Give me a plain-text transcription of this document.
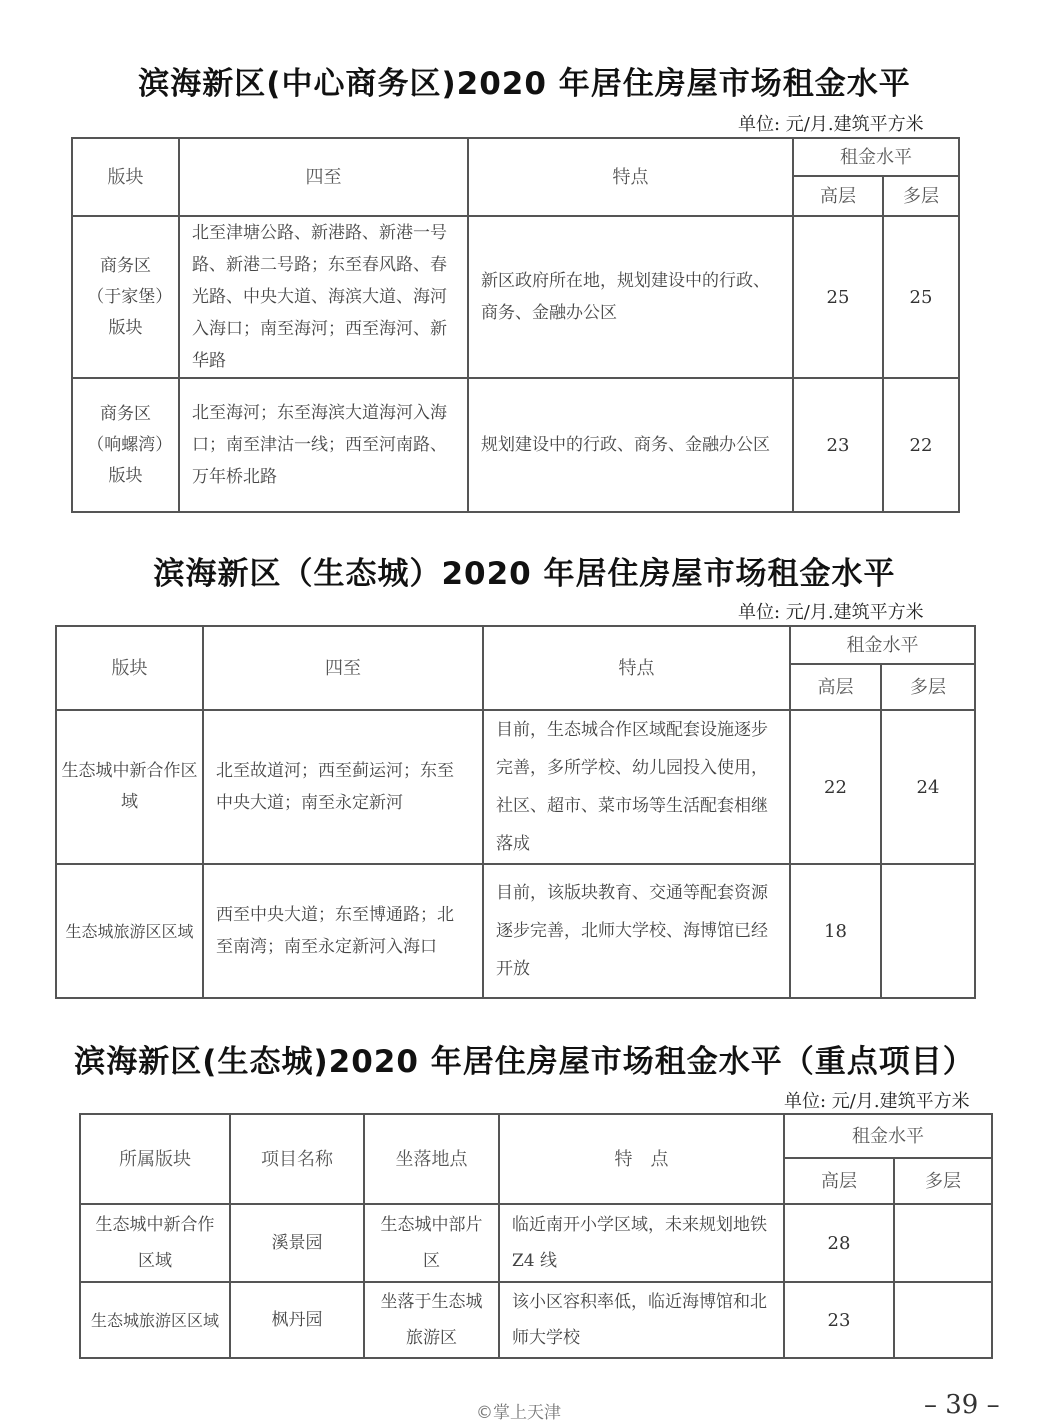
滨海新区(中心商务区)2020 年居住房屋市场租金水平
单位: 元/月.建筑平方米
版块	四至	特点	租金水平	
			高层	多层
商务区（于家堡）版块	北至津塘公路、新港路、新港一号路、新港二号路；东至春风路、春光路、中央大道、海滨大道、海河入海口；南至海河；西至海河、新华路	新区政府所在地，规划建设中的行政、商务、金融办公区	25	25
商务区（响螺湾）版块	北至海河；东至海滨大道海河入海口；南至津沽一线；西至河南路、万年桥北路	规划建设中的行政、商务、金融办公区	23	22
滨海新区（生态城）2020 年居住房屋市场租金水平
单位: 元/月.建筑平方米
版块	四至	特点	租金水平	
			高层	多层
生态城中新合作区域	北至故道河；西至蓟运河；东至中央大道；南至永定新河	目前，生态城合作区域配套设施逐步完善，多所学校、幼儿园投入使用，社区、超市、菜市场等生活配套相继落成	22	24
生态城旅游区区域	西至中央大道；东至博通路；北至南湾；南至永定新河入海口	目前，该版块教育、交通等配套资源逐步完善，北师大学校、海博馆已经开放	18	
滨海新区(生态城)2020 年居住房屋市场租金水平（重点项目）
单位: 元/月.建筑平方米
所属版块	项目名称	坐落地点	特　点	租金水平	
				高层	多层
生态城中新合作区域	溪景园	生态城中部片区	临近南开小学区域，未来规划地铁Z4 线	28	
生态城旅游区区域	枫丹园	坐落于生态城旅游区	该小区容积率低，临近海博馆和北师大学校	23	
©掌上天津	– 39 –
